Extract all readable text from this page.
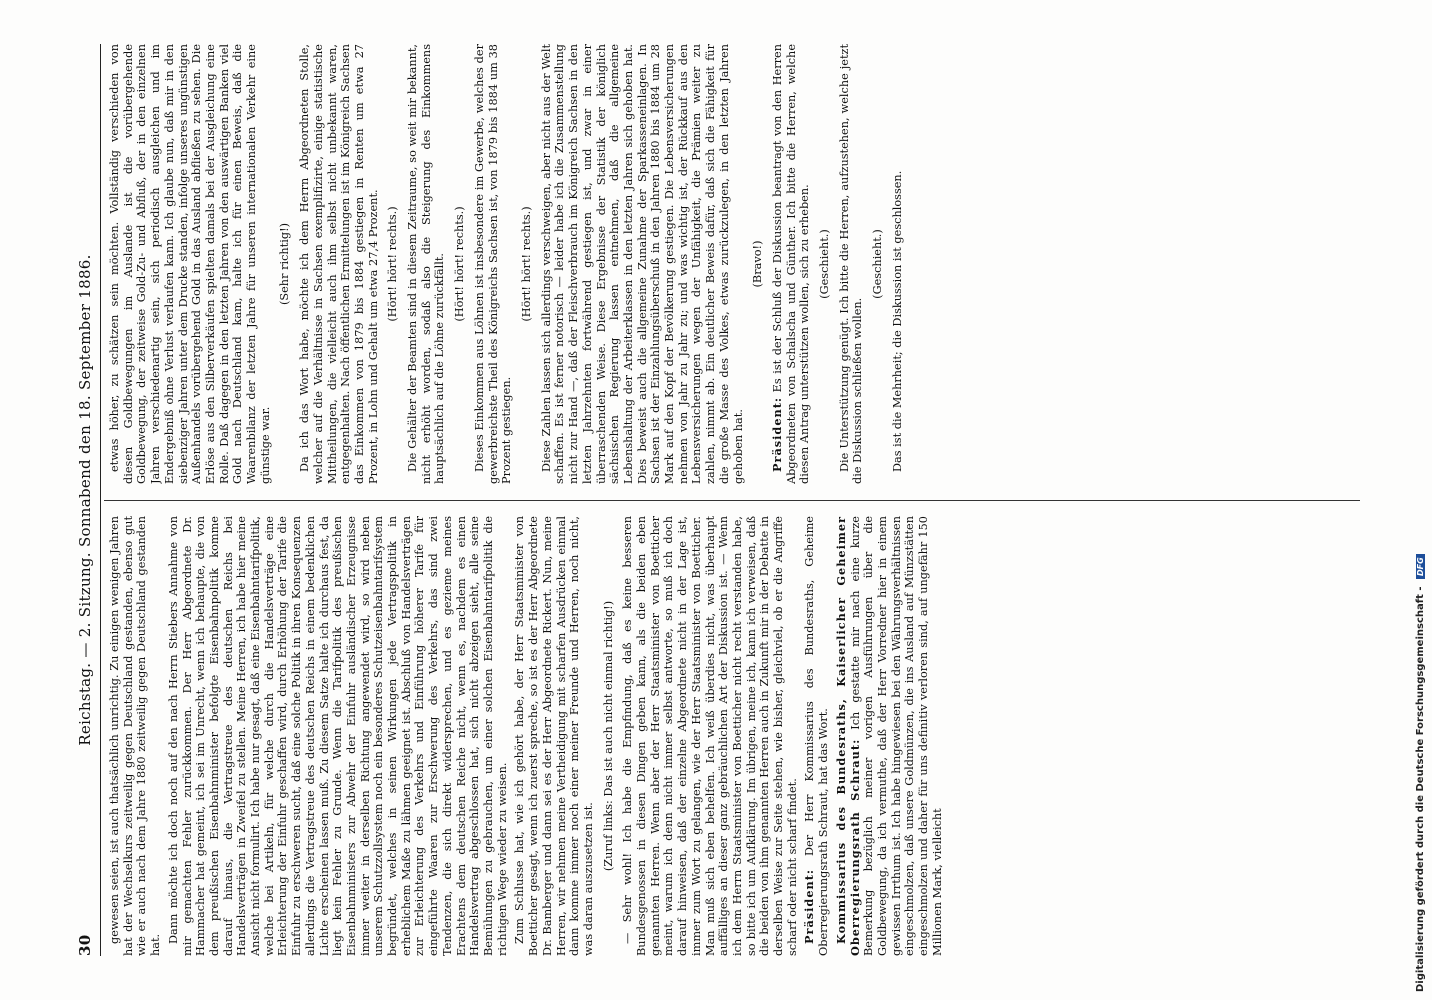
30
Reichstag. — 2. Sitzung. Sonnabend den 18. September 1886. gewesen seien, ist auch thatsächlich unrichtig. Zu einigen wenigen Jahren hat der Wechselkurs zeitweilig gegen Deutschland gestanden, ebenso gut wie er auch nach dem Jahre 1880 zeitweilig gegen Deutschland gestanden hat.

Dann möchte ich doch noch auf den nach Herrn Stiebers Annahme von mir gemachten Fehler zurückkommen. Der Herr Abgeordnete Dr. Hammacher hat gemeint, ich sei im Unrecht, wenn ich behaupte, die von dem preußischen Eisenbahnminister befolgte Eisenbahnpolitik komme darauf hinaus, die Vertragstreue des deutschen Reichs bei Handelsverträgen in Zweifel zu stellen. Meine Herren, ich habe hier meine Ansicht nicht formulirt. Ich habe nur gesagt, daß eine Eisenbahntarifpolitik, welche bei Artikeln, für welche durch die Handelsverträge eine Erleichterung der Einfuhr geschaffen wird, durch Erhöhung der Tarife die Einfuhr zu erschweren sucht, daß eine solche Politik in ihren Konsequenzen allerdings die Vertragstreue des deutschen Reichs in einem bedenklichen Lichte erscheinen lassen muß. Zu diesem Satze halte ich durchaus fest, da liegt kein Fehler zu Grunde. Wenn die Tarifpolitik des preußischen Eisenbahnministers zur Abwehr der Einfuhr ausländischer Erzeugnisse immer weiter in derselben Richtung angewendet wird, so wird neben unserem Schutzzollsystem noch ein besonderes Schutzeisenbahntarifsystem begründet, welches in seinen Wirkungen jede Vertragspolitik in erheblichem Maße zu lähmen geeignet ist. Abschluß von Handelsverträgen zur Erleichterung des Verkehrs und Einführung höherer Tarife für eingeführte Waaren zur Erschwerung des Verkehrs, das sind zwei Tendenzen, die sich direkt widersprechen, und es gezieme meines Erachtens dem deutschen Reiche nicht, wenn es, nachdem es einen Handelsvertrag abgeschlossen hat, sich nicht abzeigen sieht, alle seine Bemühungen zu gebrauchen, um einer solchen Eisenbahntarifpolitik die richtigen Wege wieder zu weisen. Zum Schlusse hat, wie ich gehört habe, der Herr Staatsminister von Boetticher gesagt, wenn ich zuerst spreche, so ist es der Herr Abgeordnete Dr. Bamberger und dann sei es der Herr Abgeordnete Rickert. Nun, meine Herren, wir nehmen meine Vertheidigung mit scharfen Ausdrücken einmal dann komme immer noch einer meiner Freunde und Herren, noch nicht, was daran auszusetzen ist.

(Zuruf links: Das ist auch nicht einmal richtig!) — Sehr wohl! Ich habe die Empfindung, daß es keine besseren Bundesgenossen in diesen Dingen geben kann, als die beiden eben genannten Herren. Wenn aber der Herr Staatsminister von Boetticher meint, warum ich denn nicht immer selbst antworte, so muß ich doch darauf hinweisen, daß der einzelne Abgeordnete nicht in der Lage ist, immer zum Wort zu gelangen, wie der Herr Staatsminister von Boetticher. Man muß sich eben behelfen. Ich weiß überdies nicht, was überhaupt auffälliges an dieser ganz gebräuchlichen Art der Diskussion ist. — Wenn ich dem Herrn Staatsminister von Boetticher nicht recht verstanden habe, so bitte ich um Aufklärung. Im übrigen, meine ich, kann ich verweisen, daß die beiden von ihm genannten Herren auch in Zukunft mir in der Debatte in derselben Weise zur Seite stehen, wie bisher, gleichviel, ob er die Angriffe scharf oder nicht scharf findet. Präsident: Der Herr Kommissarius des Bundesraths, Geheime Oberregierungsrath Schraut, hat das Wort. Kommissarius des Bundesraths, Kaiserlicher Geheimer Oberregierungsrath Schraut: Ich gestatte mir nach eine kurze Bemerkung bezüglich meiner vorigen Ausführungen über die Goldbewegung, da ich vermuthe, daß der Herr Vorredner hier in einem gewissen Irrthum ist. Ich habe hingewiesen bei den Währungsverhältnissen eingeschmolzen, daß unsere Goldmünzen, die ins Ausland auf Münzstätten eingeschmolzen und daher für uns definitiv verloren sind, auf ungefähr 150 Millionen Mark, vielleicht

etwas höher, zu schätzen sein möchten. Vollständig verschieden von diesen Goldbewegungen im Auslande ist die vorübergehende Goldbewegung, der zeitweise Gold-Zu- und Abfluß, der in den einzelnen Jahren verschiedenartig sein, sich periodisch ausgleichen und im Endergebniß ohne Verlust verlaufen kann. Ich glaube nun, daß mir in den siebenziger Jahren unter dem Drucke standen, infolge unseres ungünstigen Außenhandels vorübergehend Gold in das Ausland abfließen zu sehen. Die Erlöse aus den Silberverkäufen spielten damals bei der Ausgleichung eine Rolle. Daß dagegen in den letzten Jahren von den auswärtigen Banken viel Gold nach Deutschland kam, halte ich für einen Beweis, daß die Waarenbilanz der letzten Jahre für unseren internationalen Verkehr eine günstige war.

(Sehr richtig!) Da ich das Wort habe, möchte ich dem Herrn Abgeordneten Stolle, welcher auf die Verhältnisse in Sachsen exemplifizirte, einige statistische Mittheilungen, die vielleicht auch ihm selbst nicht unbekannt waren, entgegenhalten. Nach öffentlichen Ermittelungen ist im Königreich Sachsen das Einkommen von 1879 bis 1884 gestiegen in Renten um etwa 27 Prozent, in Lohn und Gehalt um etwa 27,4 Prozent. (Hört! hört! rechts.) Die Gehälter der Beamten sind in diesem Zeitraume, so weit mir bekannt, nicht erhöht worden, sodaß also die Steigerung des Einkommens hauptsächlich auf die Löhne zurückfällt. (Hört! hört! rechts.) Dieses Einkommen aus Löhnen ist insbesondere im Gewerbe, welches der gewerbreichste Theil des Königreichs Sachsen ist, von 1879 bis 1884 um 38 Prozent gestiegen.

(Hört! hört! rechts.) Diese Zahlen lassen sich allerdings verschweigen, aber nicht aus der Welt schaffen. Es ist ferner notorisch — leider habe ich die Zusammenstellung nicht zur Hand —, daß der Fleischverbrauch im Königreich Sachsen in den letzten Jahrzehnten fortwährend gestiegen ist, und zwar in einer überraschenden Weise. Diese Ergebnisse der Statistik der königlich sächsischen Regierung lassen entnehmen, daß die allgemeine Lebenshaltung der Arbeiterklassen in den letzten Jahren sich gehoben hat. Dies beweist auch die allgemeine Zunahme der Sparkasseneinlagen. In Sachsen ist der Einzahlungsüberschuß in den Jahren 1880 bis 1884 um 28 Mark auf den Kopf der Bevölkerung gestiegen. Die Lebensversicherungen nehmen von Jahr zu Jahr zu; und was wichtig ist, der Rückkauf aus den Lebensversicherungen wegen der Unfähigkeit, die Prämien weiter zu zahlen, nimmt ab. Ein deutlicher Beweis dafür, daß sich die Fähigkeit für die große Masse des Volkes, etwas zurückzulegen, in den letzten Jahren gehoben hat.

(Bravo!)

Präsident: Es ist der Schluß der Diskussion beantragt von den Herren Abgeordneten von Schalscha und Günther. Ich bitte die Herren, welche diesen Antrag unterstützen wollen, sich zu erheben. (Geschieht.) Die Unterstützung genügt. Ich bitte die Herren, aufzustehen, welche jetzt die Diskussion schließen wollen.

(Geschieht.) Das ist die Mehrheit; die Diskussion ist geschlossen.

Digitalisierung gefördert durch die Deutsche Forschungsgemeinschaft - DFG
